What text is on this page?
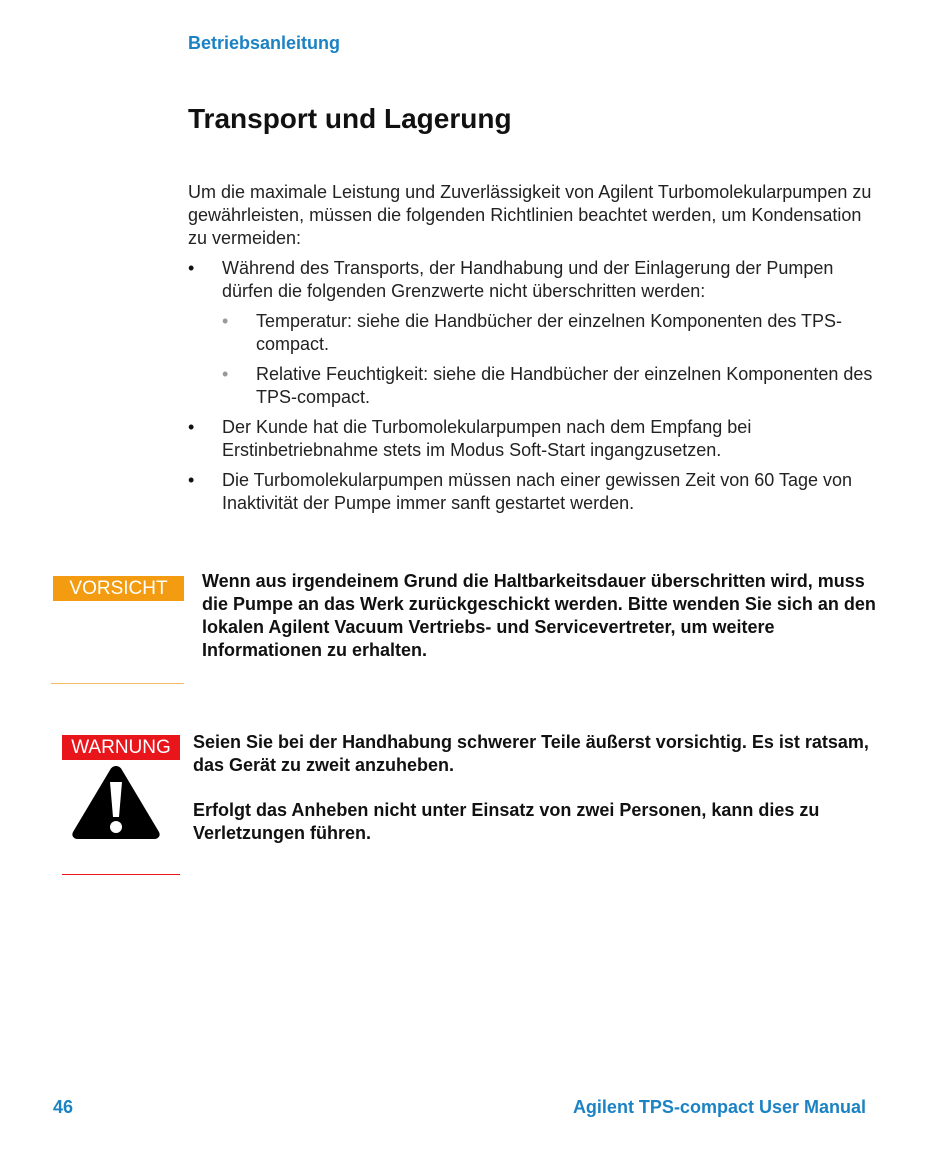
Betriebsanleitung
Transport und Lagerung

Um die maximale Leistung und Zuverlässigkeit von Agilent Turbomolekularpumpen zu gewährleisten, müssen die folgenden Richtlinien beachtet werden, um Kondensation zu vermeiden:

• Während des Transports, der Handhabung und der Einlagerung der Pumpen dürfen die folgenden Grenzwerte nicht überschritten werden:
• Temperatur: siehe die Handbücher der einzelnen Komponenten des TPS-compact.
• Relative Feuchtigkeit: siehe die Handbücher der einzelnen Komponenten des TPS-compact.
• Der Kunde hat die Turbomolekularpumpen nach dem Empfang bei Erstinbetriebnahme stets im Modus Soft-Start ingangzusetzen.
• Die Turbomolekularpumpen müssen nach einer gewissen Zeit von 60 Tage von Inaktivität der Pumpe immer sanft gestartet werden.
VORSICHT	Wenn aus irgendeinem Grund die Haltbarkeitsdauer überschritten wird, muss die Pumpe an das Werk zurückgeschickt werden. Bitte wenden Sie sich an den lokalen Agilent Vacuum Vertriebs- und Servicevertreter, um weitere Informationen zu erhalten.
WARNUNG	Seien Sie bei der Handhabung schwerer Teile äußerst vorsichtig. Es ist ratsam, das Gerät zu zweit anzuheben.

Erfolgt das Anheben nicht unter Einsatz von zwei Personen, kann dies zu Verletzungen führen.

46	Agilent TPS-compact User Manual
